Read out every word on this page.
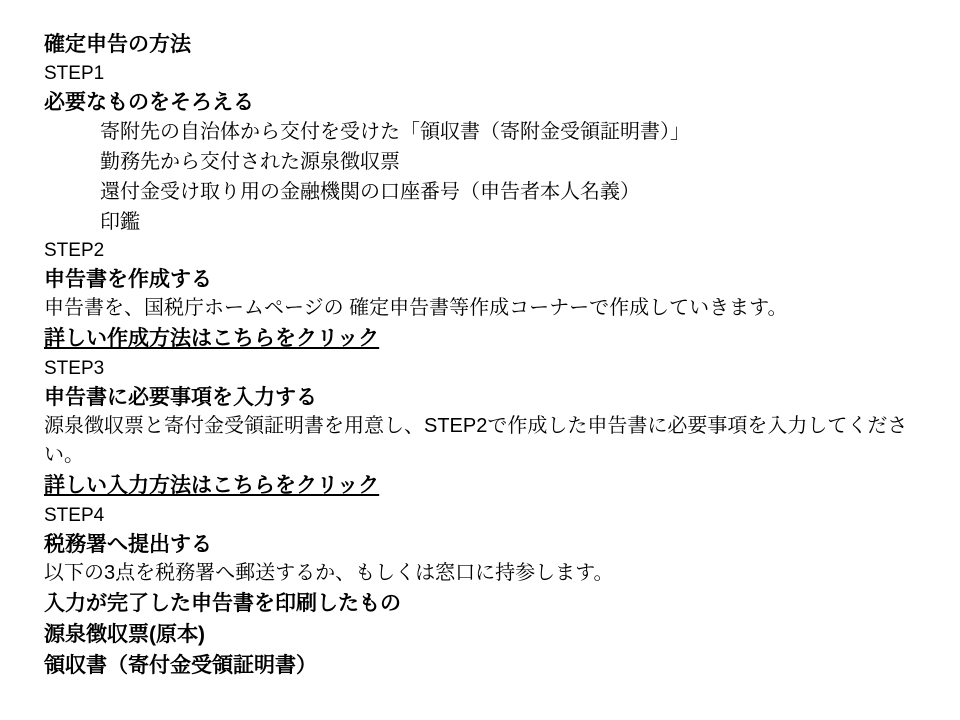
確定申告の方法
STEP1
必要なものをそろえる
寄附先の自治体から交付を受けた「領収書（寄附金受領証明書）」
勤務先から交付された源泉徴収票
還付金受け取り用の金融機関の口座番号（申告者本人名義）
印鑑
STEP2
申告書を作成する
申告書を、国税庁ホームページの 確定申告書等作成コーナーで作成していきます。
詳しい作成方法はこちらをクリック
STEP3
申告書に必要事項を入力する
源泉徴収票と寄付金受領証明書を用意し、STEP2で作成した申告書に必要事項を入力してください。
詳しい入力方法はこちらをクリック
STEP4
税務署へ提出する
以下の3点を税務署へ郵送するか、もしくは窓口に持参します。
入力が完了した申告書を印刷したもの
源泉徴収票(原本)
領収書（寄付金受領証明書）
